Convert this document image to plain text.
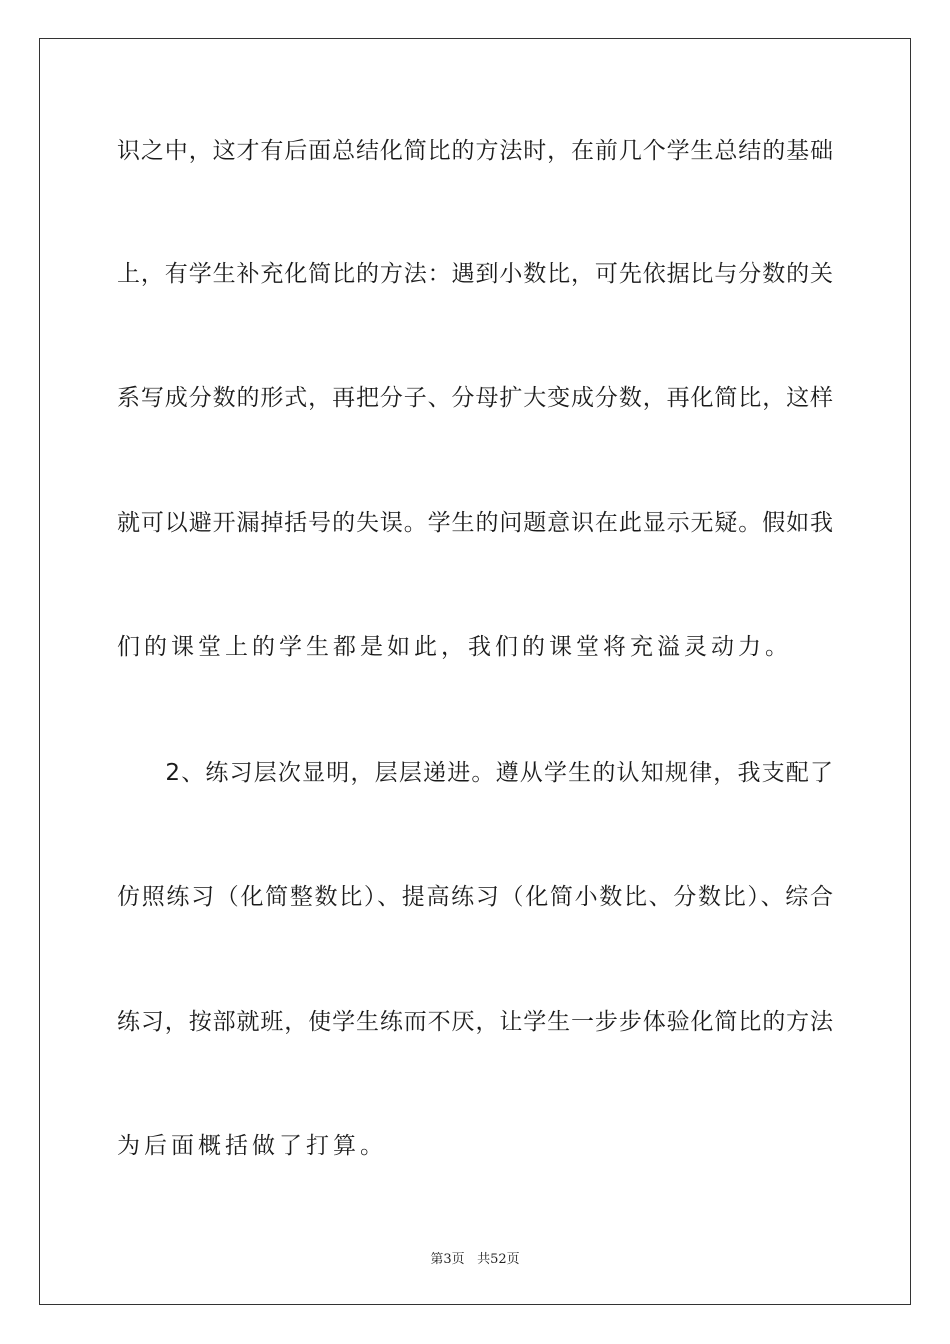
识之中，这才有后面总结化简比的方法时，在前几个学生总结的基础
上，有学生补充化简比的方法：遇到小数比，可先依据比与分数的关
系写成分数的形式，再把分子、分母扩大变成分数，再化简比，这样
就可以避开漏掉括号的失误。学生的问题意识在此显示无疑。假如我
们的课堂上的学生都是如此，我们的课堂将充溢灵动力。
　　2、练习层次显明，层层递进。遵从学生的认知规律，我支配了
仿照练习（化简整数比）、提高练习（化简小数比、分数比）、综合
练习，按部就班，使学生练而不厌，让学生一步步体验化简比的方法
为后面概括做了打算。
第3页 共52页
